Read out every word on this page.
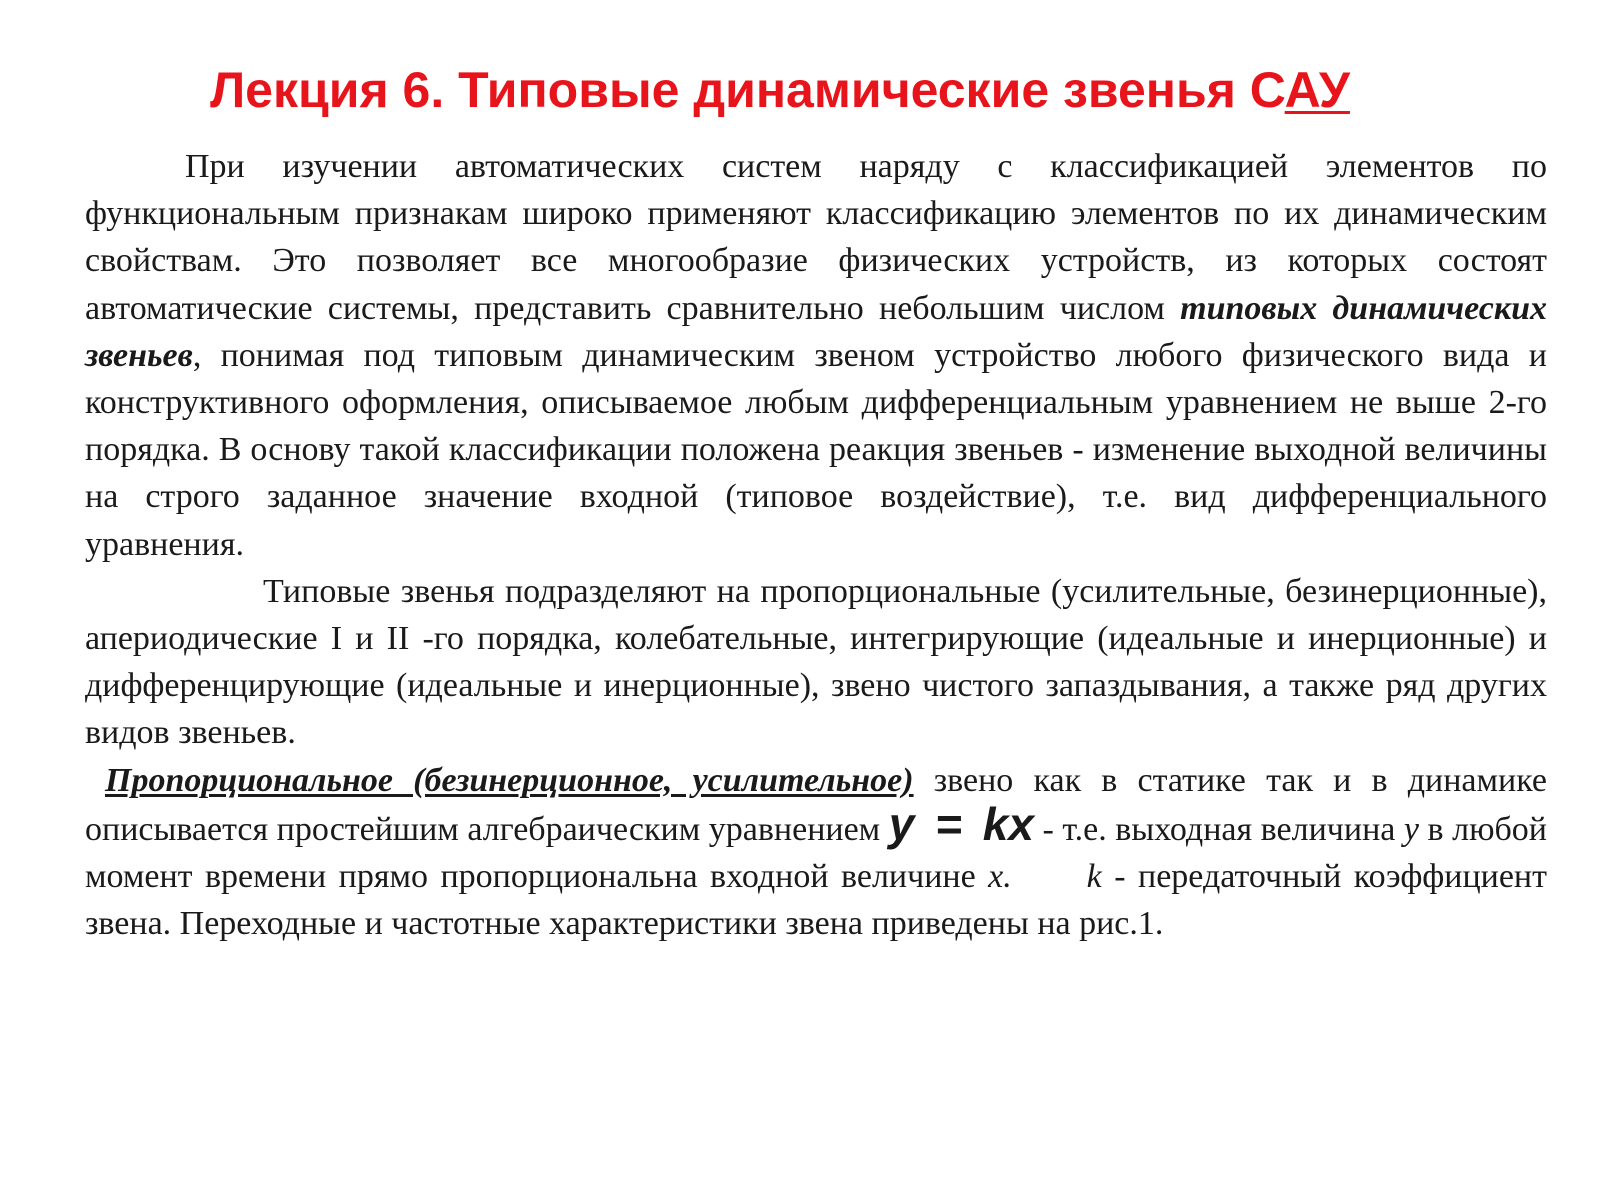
Лекция 6. Типовые динамические звенья САУ

При изучении автоматических систем наряду с классификацией элементов по функциональным признакам широко применяют классификацию элементов по их динамическим свойствам. Это позволяет все многообразие физических устройств, из которых состоят автоматические системы, представить сравнительно небольшим числом типовых динамических звеньев, понимая под типовым динамическим звеном устройство любого физического вида и конструктивного оформления, описываемое любым дифференциальным уравнением не выше 2-го порядка. В основу такой классификации положена реакция звеньев - изменение выходной величины на строго заданное значение входной (типовое воздействие), т.е. вид дифференциального уравнения.

Типовые звенья подразделяют на пропорциональные (усилительные, безинерционные), апериодические I и II -го порядка, колебательные, интегрирующие (идеальные и инерционные) и дифференцирующие (идеальные и инерционные), звено чистого запаздывания, а также ряд других видов звеньев.

Пропорциональное (безинерционное, усилительное) звено как в статике так и в динамике описывается простейшим алгебраическим уравнением y = kx - т.е. выходная величина у в любой момент времени прямо пропорциональна входной величине х. k - передаточный коэффициент звена. Переходные и частотные характеристики звена приведены на рис.1.
